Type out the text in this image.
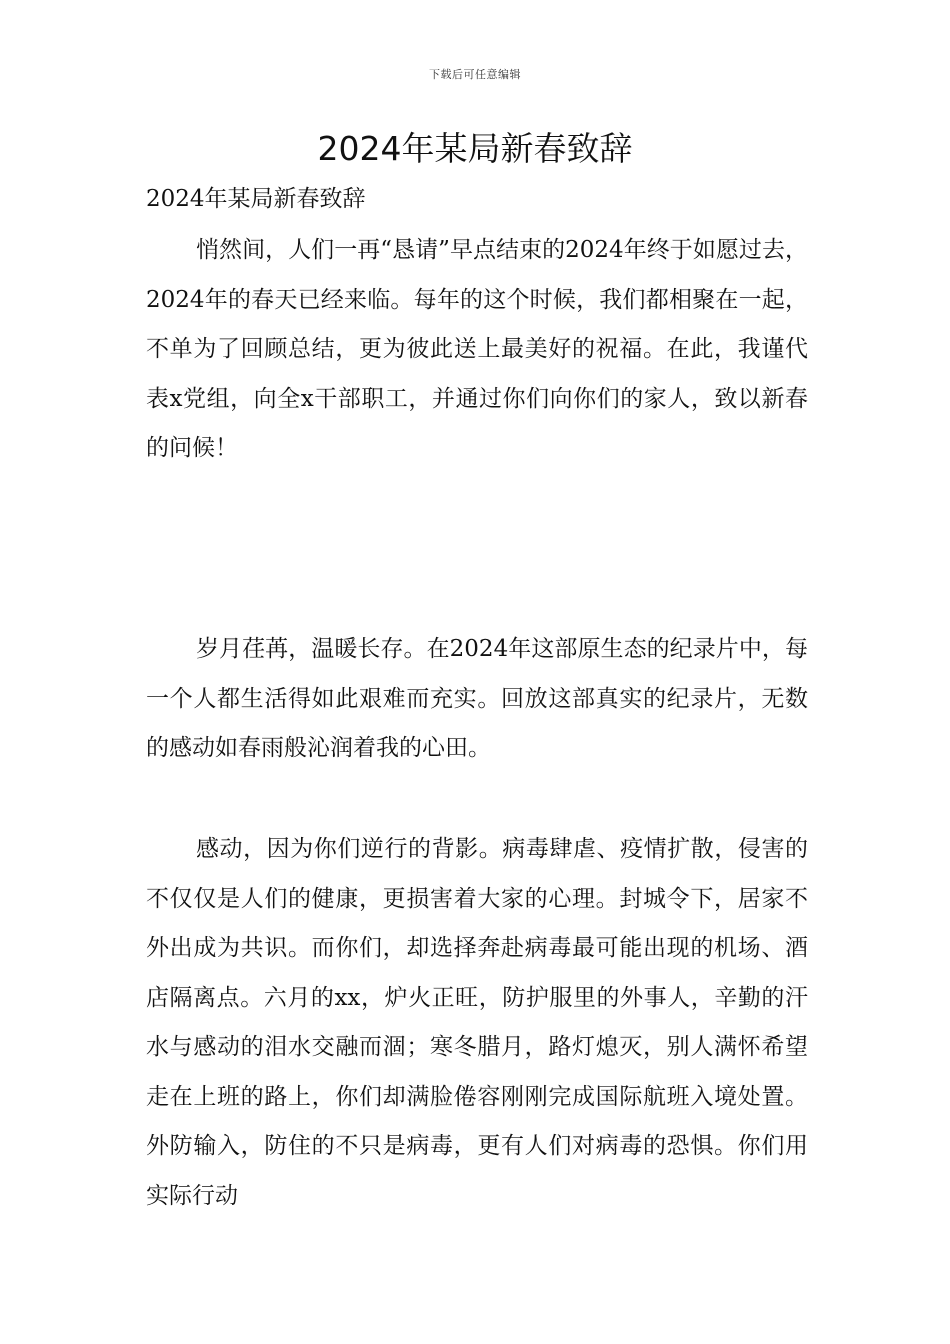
下载后可任意编辑
2024年某局新春致辞
2024年某局新春致辞

悄然间，人们一再“恳请”早点结束的2024年终于如愿过去，2024年的春天已经来临。每年的这个时候，我们都相聚在一起，不单为了回顾总结，更为彼此送上最美好的祝福。在此，我谨代表x党组，向全x干部职工，并通过你们向你们的家人，致以新春的问候！

岁月荏苒，温暖长存。在2024年这部原生态的纪录片中，每一个人都生活得如此艰难而充实。回放这部真实的纪录片，无数的感动如春雨般沁润着我的心田。

感动，因为你们逆行的背影。病毒肆虐、疫情扩散，侵害的不仅仅是人们的健康，更损害着大家的心理。封城令下，居家不外出成为共识。而你们，却选择奔赴病毒最可能出现的机场、酒店隔离点。六月的xx，炉火正旺，防护服里的外事人，辛勤的汗水与感动的泪水交融而涸；寒冬腊月，路灯熄灭，别人满怀希望走在上班的路上，你们却满脸倦容刚刚完成国际航班入境处置。外防输入，防住的不只是病毒，更有人们对病毒的恐惧。你们用实际行动
